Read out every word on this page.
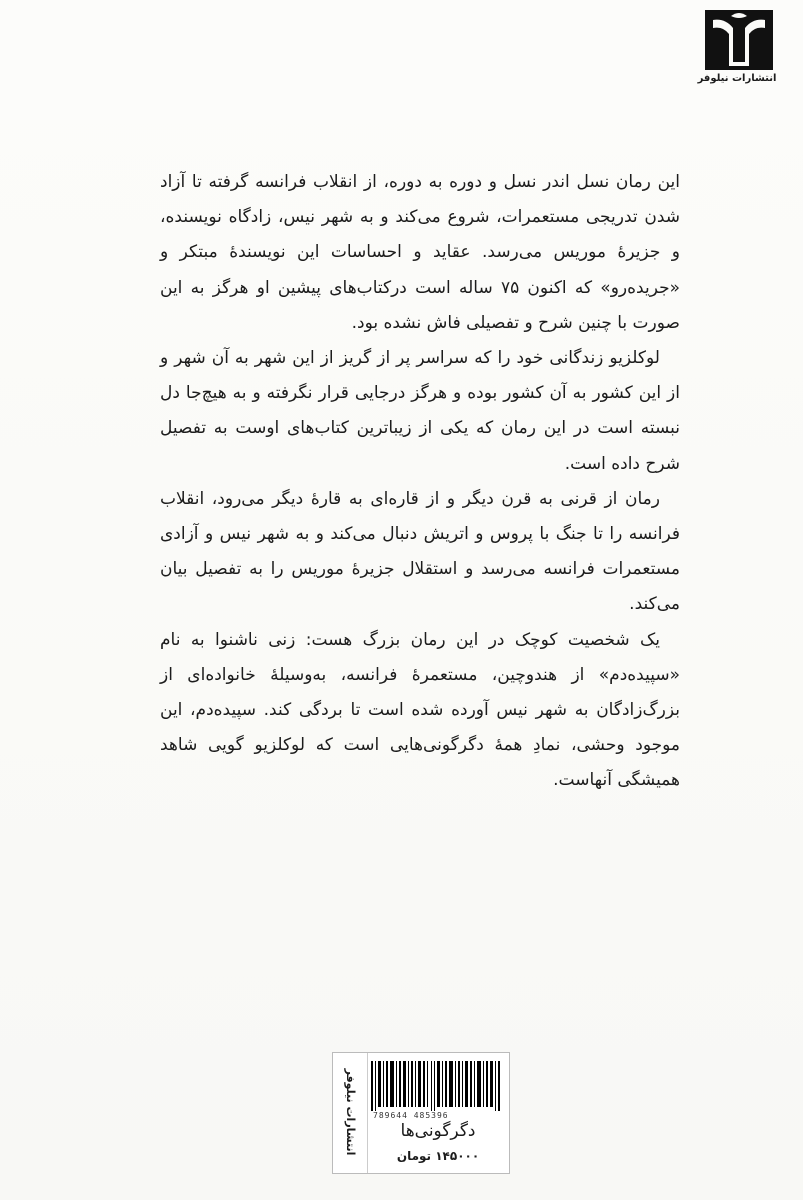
انتشارات نیلوفر

این رمان نسل اندر نسل و دوره به دوره، از انقلاب فرانسه گرفته تا آزاد شدن تدریجی مستعمرات، شروع می‌کند و به شهر نیس، زادگاه نویسنده، و جزیرهٔ موریس می‌رسد. عقاید و احساسات این نویسندهٔ مبتکر و «جریده‌رو» که اکنون ۷۵ ساله است درکتاب‌های پیشین او هرگز به این صورت با چنین شرح و تفصیلی فاش نشده بود.

لوکلزیو زندگانی خود را که سراسر پر از گریز از این شهر به آن شهر و از این کشور به آن کشور بوده و هرگز درجایی قرار نگرفته و به هیچ‌جا دل نبسته است در این رمان که یکی از زیباترین کتاب‌های اوست به تفصیل شرح داده است.

رمان از قرنی به قرن دیگر و از قاره‌ای به قارهٔ دیگر می‌رود، انقلاب فرانسه را تا جنگ با پروس و اتریش دنبال می‌کند و به شهر نیس و آزادی مستعمرات فرانسه می‌رسد و استقلال جزیرهٔ موریس را به تفصیل بیان می‌کند.

یک شخصیت کوچک در این رمان بزرگ هست: زنی ناشنوا به نام «سپیده‌دم» از هندوچین، مستعمرهٔ فرانسه، به‌وسیلهٔ خانواده‌ای از بزرگ‌زادگان به شهر نیس آورده شده است تا بردگی کند. سپیده‌دم، این موجود وحشی، نمادِ همهٔ دگرگونی‌هایی است که لوکلزیو گویی شاهد همیشگی آنهاست.

انتشارات نیلوفر	789644 485396
دگرگونی‌ها
۱۴۵۰۰۰ تومان
